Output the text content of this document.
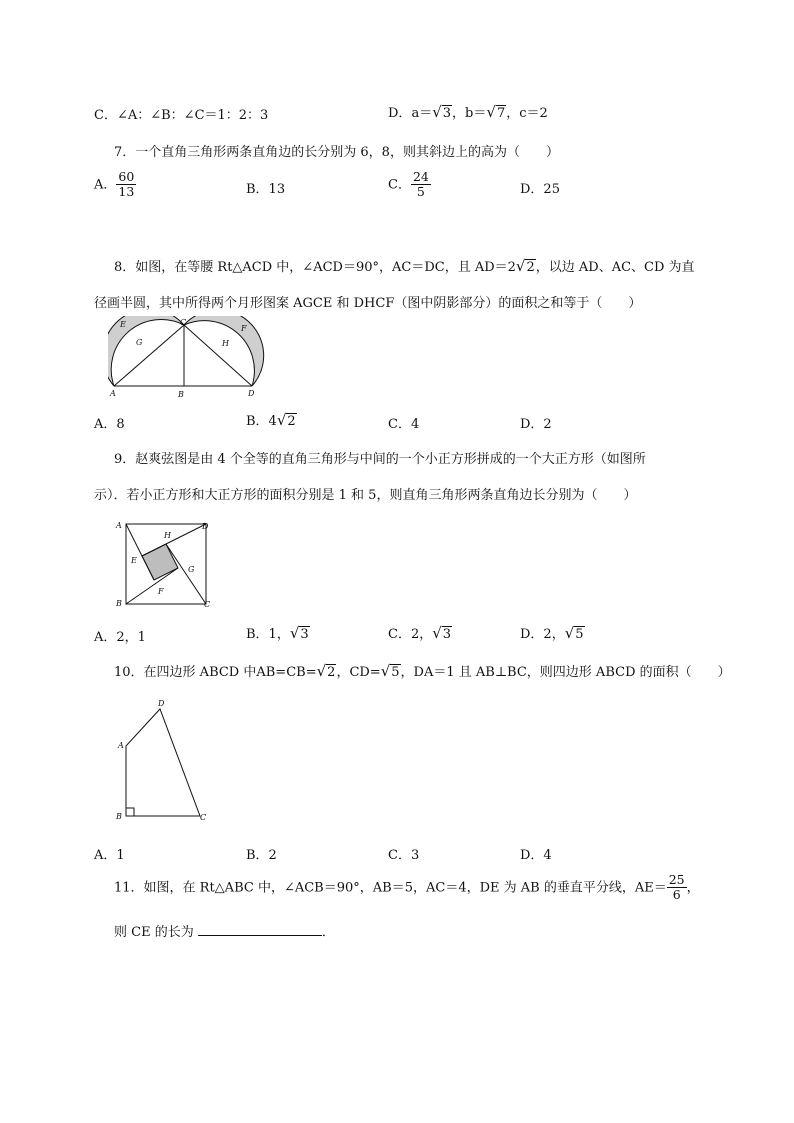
C．∠A：∠B：∠C＝1：2：3	D．a＝√3，b＝√7，c＝2
7．一个直角三角形两条直角边的长分别为 6，8，则其斜边上的高为（　　）
A． $\frac{60}{13}$	B．13	C． $\frac{24}{5}$	D．25
8．如图，在等腰 Rt△ACD 中，∠ACD＝90°，AC＝DC，且 AD＝2√2，以边 AD、AC、CD 为直
径画半圆，其中所得两个月形图案 AGCE 和 DHCF（图中阴影部分）的面积之和等于（　　）
E	C
F
G	H
A	B	D
A．8	B．4√2	C．4	D．2
9．赵爽弦图是由 4 个全等的直角三角形与中间的一个小正方形拼成的一个大正方形（如图所
示）．若小正方形和大正方形的面积分别是 1 和 5，则直角三角形两条直角边长分别为（　　）
A	D
H
E
G
F
B	C
A．2，1	B．1，√3	C．2，√3	D．2，√5
10．在四边形 ABCD 中AB=CB=√2，CD=√5，DA＝1 且 AB⊥BC，则四边形 ABCD 的面积（　　）
D
A
B	C
A．1	B．2	C．3	D．4
11．如图，在 Rt△ABC 中，∠ACB＝90°，AB＝5，AC＝4，DE 为 AB 的垂直平分线，$AE= \frac{25}{6}$ ，
则 CE 的长为	．
